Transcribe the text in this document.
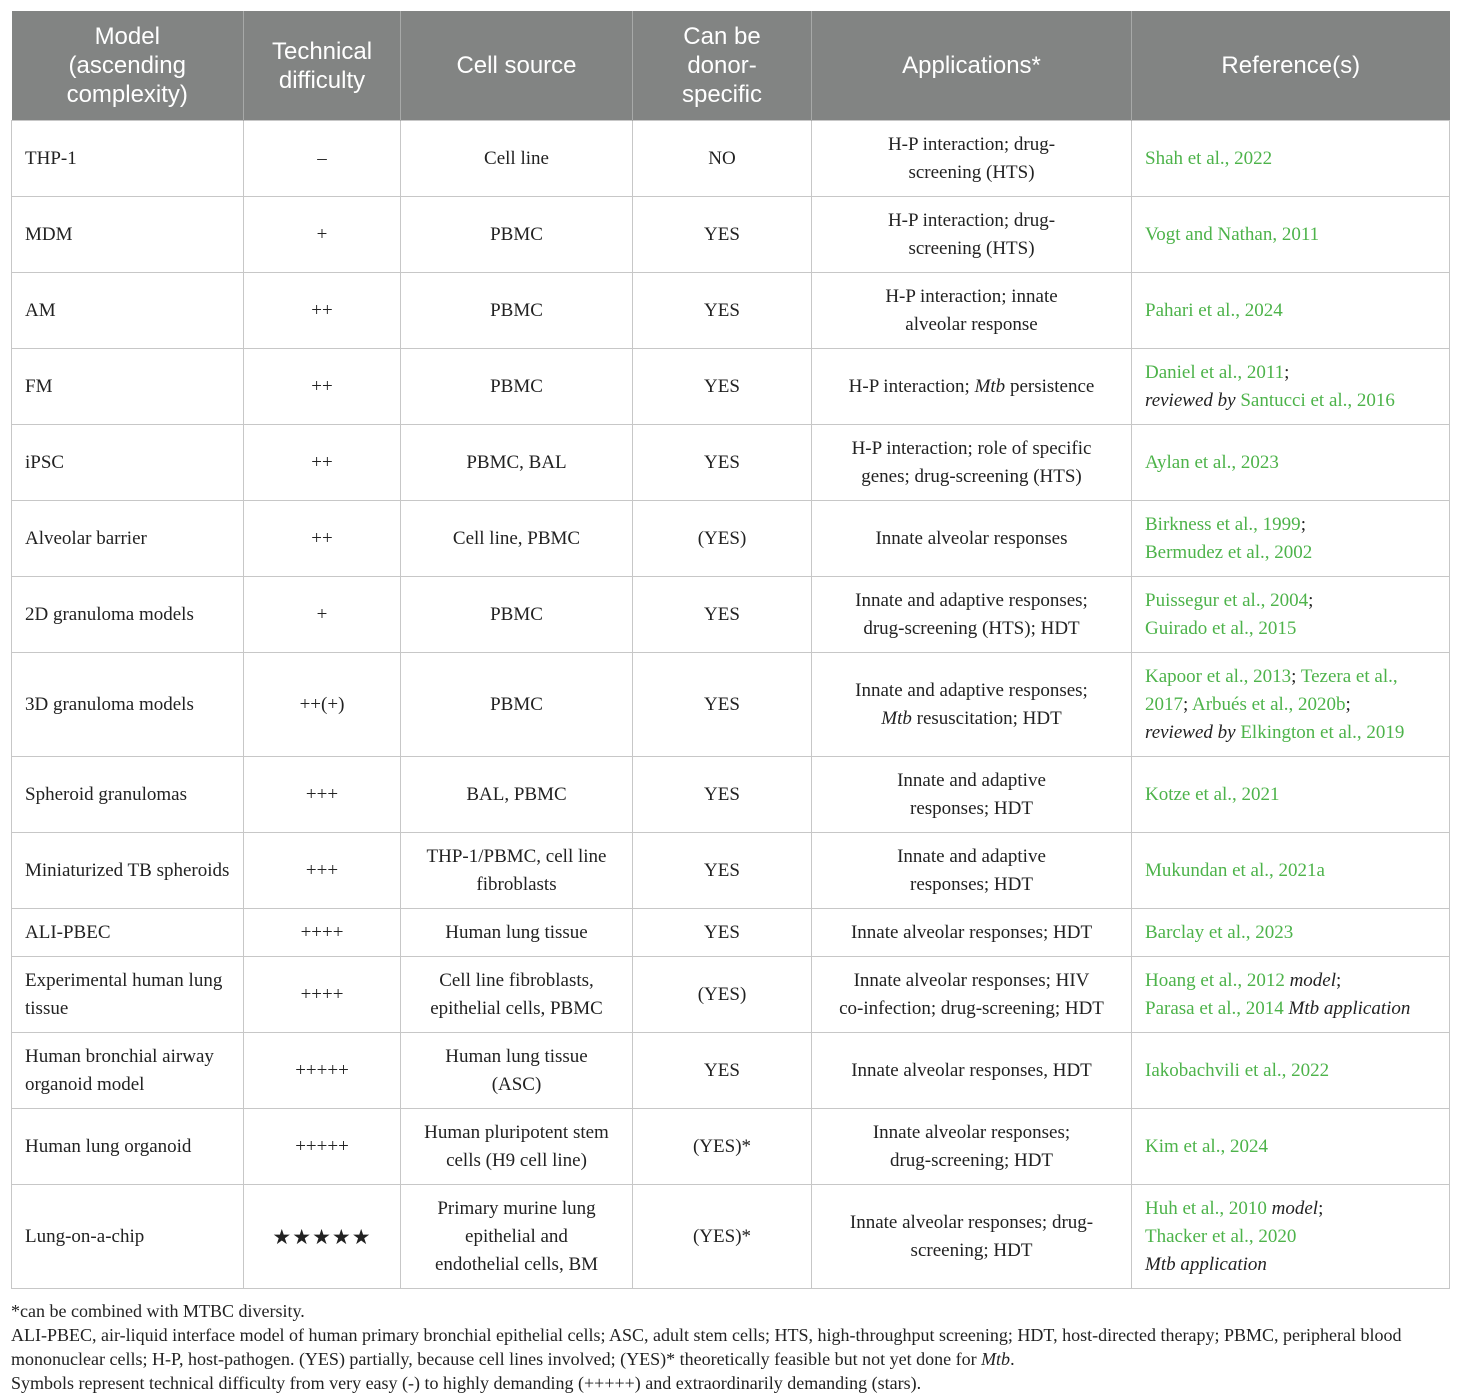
Model
(ascending
complexity)	Technical
difficulty	Cell source	Can be
donor-
specific	Applications*	Reference(s)
THP-1	–	Cell line	NO	H-P interaction; drug-
screening (HTS)	Shah et al., 2022
MDM	+	PBMC	YES	H-P interaction; drug-
screening (HTS)	Vogt and Nathan, 2011
AM	++	PBMC	YES	H-P interaction; innate
alveolar response	Pahari et al., 2024
FM	++	PBMC	YES	H-P interaction; Mtb persistence	Daniel et al., 2011;
reviewed by Santucci et al., 2016
iPSC	++	PBMC, BAL	YES	H-P interaction; role of specific
genes; drug-screening (HTS)	Aylan et al., 2023
Alveolar barrier	++	Cell line, PBMC	(YES)	Innate alveolar responses	Birkness et al., 1999;
Bermudez et al., 2002
2D granuloma models	+	PBMC	YES	Innate and adaptive responses;
drug-screening (HTS); HDT	Puissegur et al., 2004;
Guirado et al., 2015
3D granuloma models	++(+)	PBMC	YES	Innate and adaptive responses;
Mtb resuscitation; HDT	Kapoor et al., 2013; Tezera et al.,
2017; Arbués et al., 2020b;
reviewed by Elkington et al., 2019
Spheroid granulomas	+++	BAL, PBMC	YES	Innate and adaptive
responses; HDT	Kotze et al., 2021
Miniaturized TB spheroids	+++	THP-1/PBMC, cell line fibroblasts	YES	Innate and adaptive
responses; HDT	Mukundan et al., 2021a
ALI-PBEC	++++	Human lung tissue	YES	Innate alveolar responses; HDT	Barclay et al., 2023
Experimental human lung tissue	++++	Cell line fibroblasts, epithelial cells, PBMC	(YES)	Innate alveolar responses; HIV
co-infection; drug-screening; HDT	Hoang et al., 2012 model;
Parasa et al., 2014 Mtb application
Human bronchial airway organoid model	+++++	Human lung tissue (ASC)	YES	Innate alveolar responses, HDT	Iakobachvili et al., 2022
Human lung organoid	+++++	Human pluripotent stem cells (H9 cell line)	(YES)*	Innate alveolar responses;
drug-screening; HDT	Kim et al., 2024
Lung-on-a-chip	★★★★★	Primary murine lung epithelial and endothelial cells, BM	(YES)*	Innate alveolar responses; drug-
screening; HDT	Huh et al., 2010 model;
Thacker et al., 2020
Mtb application

*can be combined with MTBC diversity.

ALI-PBEC, air-liquid interface model of human primary bronchial epithelial cells; ASC, adult stem cells; HTS, high-throughput screening; HDT, host-directed therapy; PBMC, peripheral blood mononuclear cells; H-P, host-pathogen. (YES) partially, because cell lines involved; (YES)* theoretically feasible but not yet done for Mtb.

Symbols represent technical difficulty from very easy (-) to highly demanding (+++++) and extraordinarily demanding (stars).
